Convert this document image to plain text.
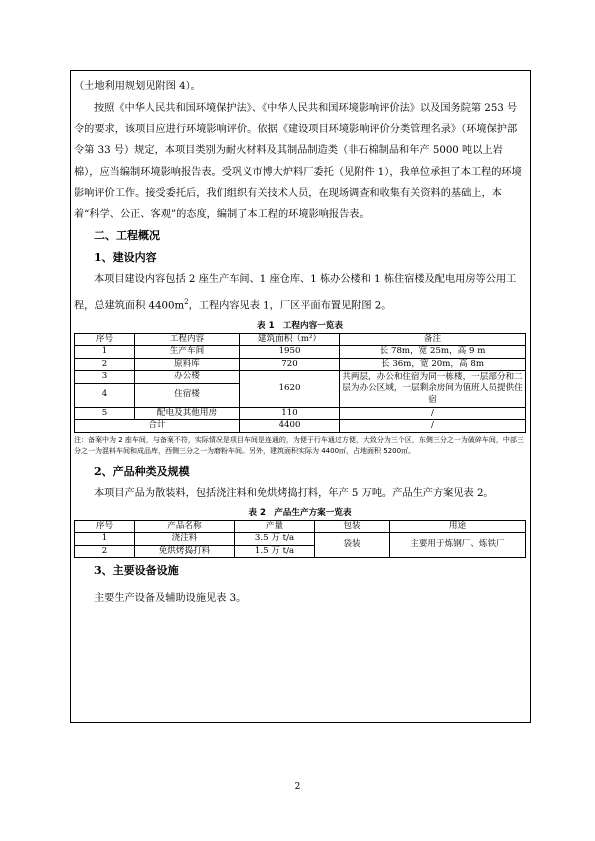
（土地利用规划见附图 4）。

按照《中华人民共和国环境保护法》、《中华人民共和国环境影响评价法》以及国务院第 253 号令的要求，该项目应进行环境影响评价。依据《建设项目环境影响评价分类管理名录》（环境保护部令第 33 号）规定，本项目类别为耐火材料及其制品制造类（非石棉制品和年产 5000 吨以上岩棉），应当编制环境影响报告表。受巩义市博大炉料厂委托（见附件 1），我单位承担了本工程的环境影响评价工作。接受委托后，我们组织有关技术人员，在现场调查和收集有关资料的基础上，本着“科学、公正、客观”的态度，编制了本工程的环境影响报告表。

二、工程概况
1、建设内容

本项目建设内容包括 2 座生产车间、1 座仓库、1 栋办公楼和 1 栋住宿楼及配电用房等公用工程，总建筑面积 $4400m^2$，工程内容见表 1，厂区平面布置见附图 2。

表 1 工程内容一览表
序号	工程内容	建筑面积（m²）	备注
1	生产车间	1950	长 78m，宽 25m，高 9 m
2	原料库	720	长 36m，宽 20m，高 8m
3	办公楼	1620	共两层，办公和住宿为同一栋楼，一层部分和二层为办公区域，一层剩余房间为值班人员提供住宿
4	住宿楼		
5	配电及其他用房	110	/
合计		4400	/
注：备案中为 2 座车间，与备案不符，实际情况是项目车间是连通的，为便于行车通过方便，大致分为三个区，东侧三分之一为破碎车间，中部三分之一为混料车间和成品库，西侧三分之一为磨粉车间。另外，建筑面积实际为 4400㎡，占地面积 5200㎡。
2、产品种类及规模

本项目产品为散装料，包括浇注料和免烘烤捣打料，年产 5 万吨。产品生产方案见表 2。

表 2 产品生产方案一览表
序号	产品名称	产量	包装	用途
1	浇注料	3.5 万 t/a	袋装	主要用于炼钢厂、炼铁厂
2	免烘烤捣打料	1.5 万 t/a		
3、主要设备设施

主要生产设备及辅助设施见表 3。

2
